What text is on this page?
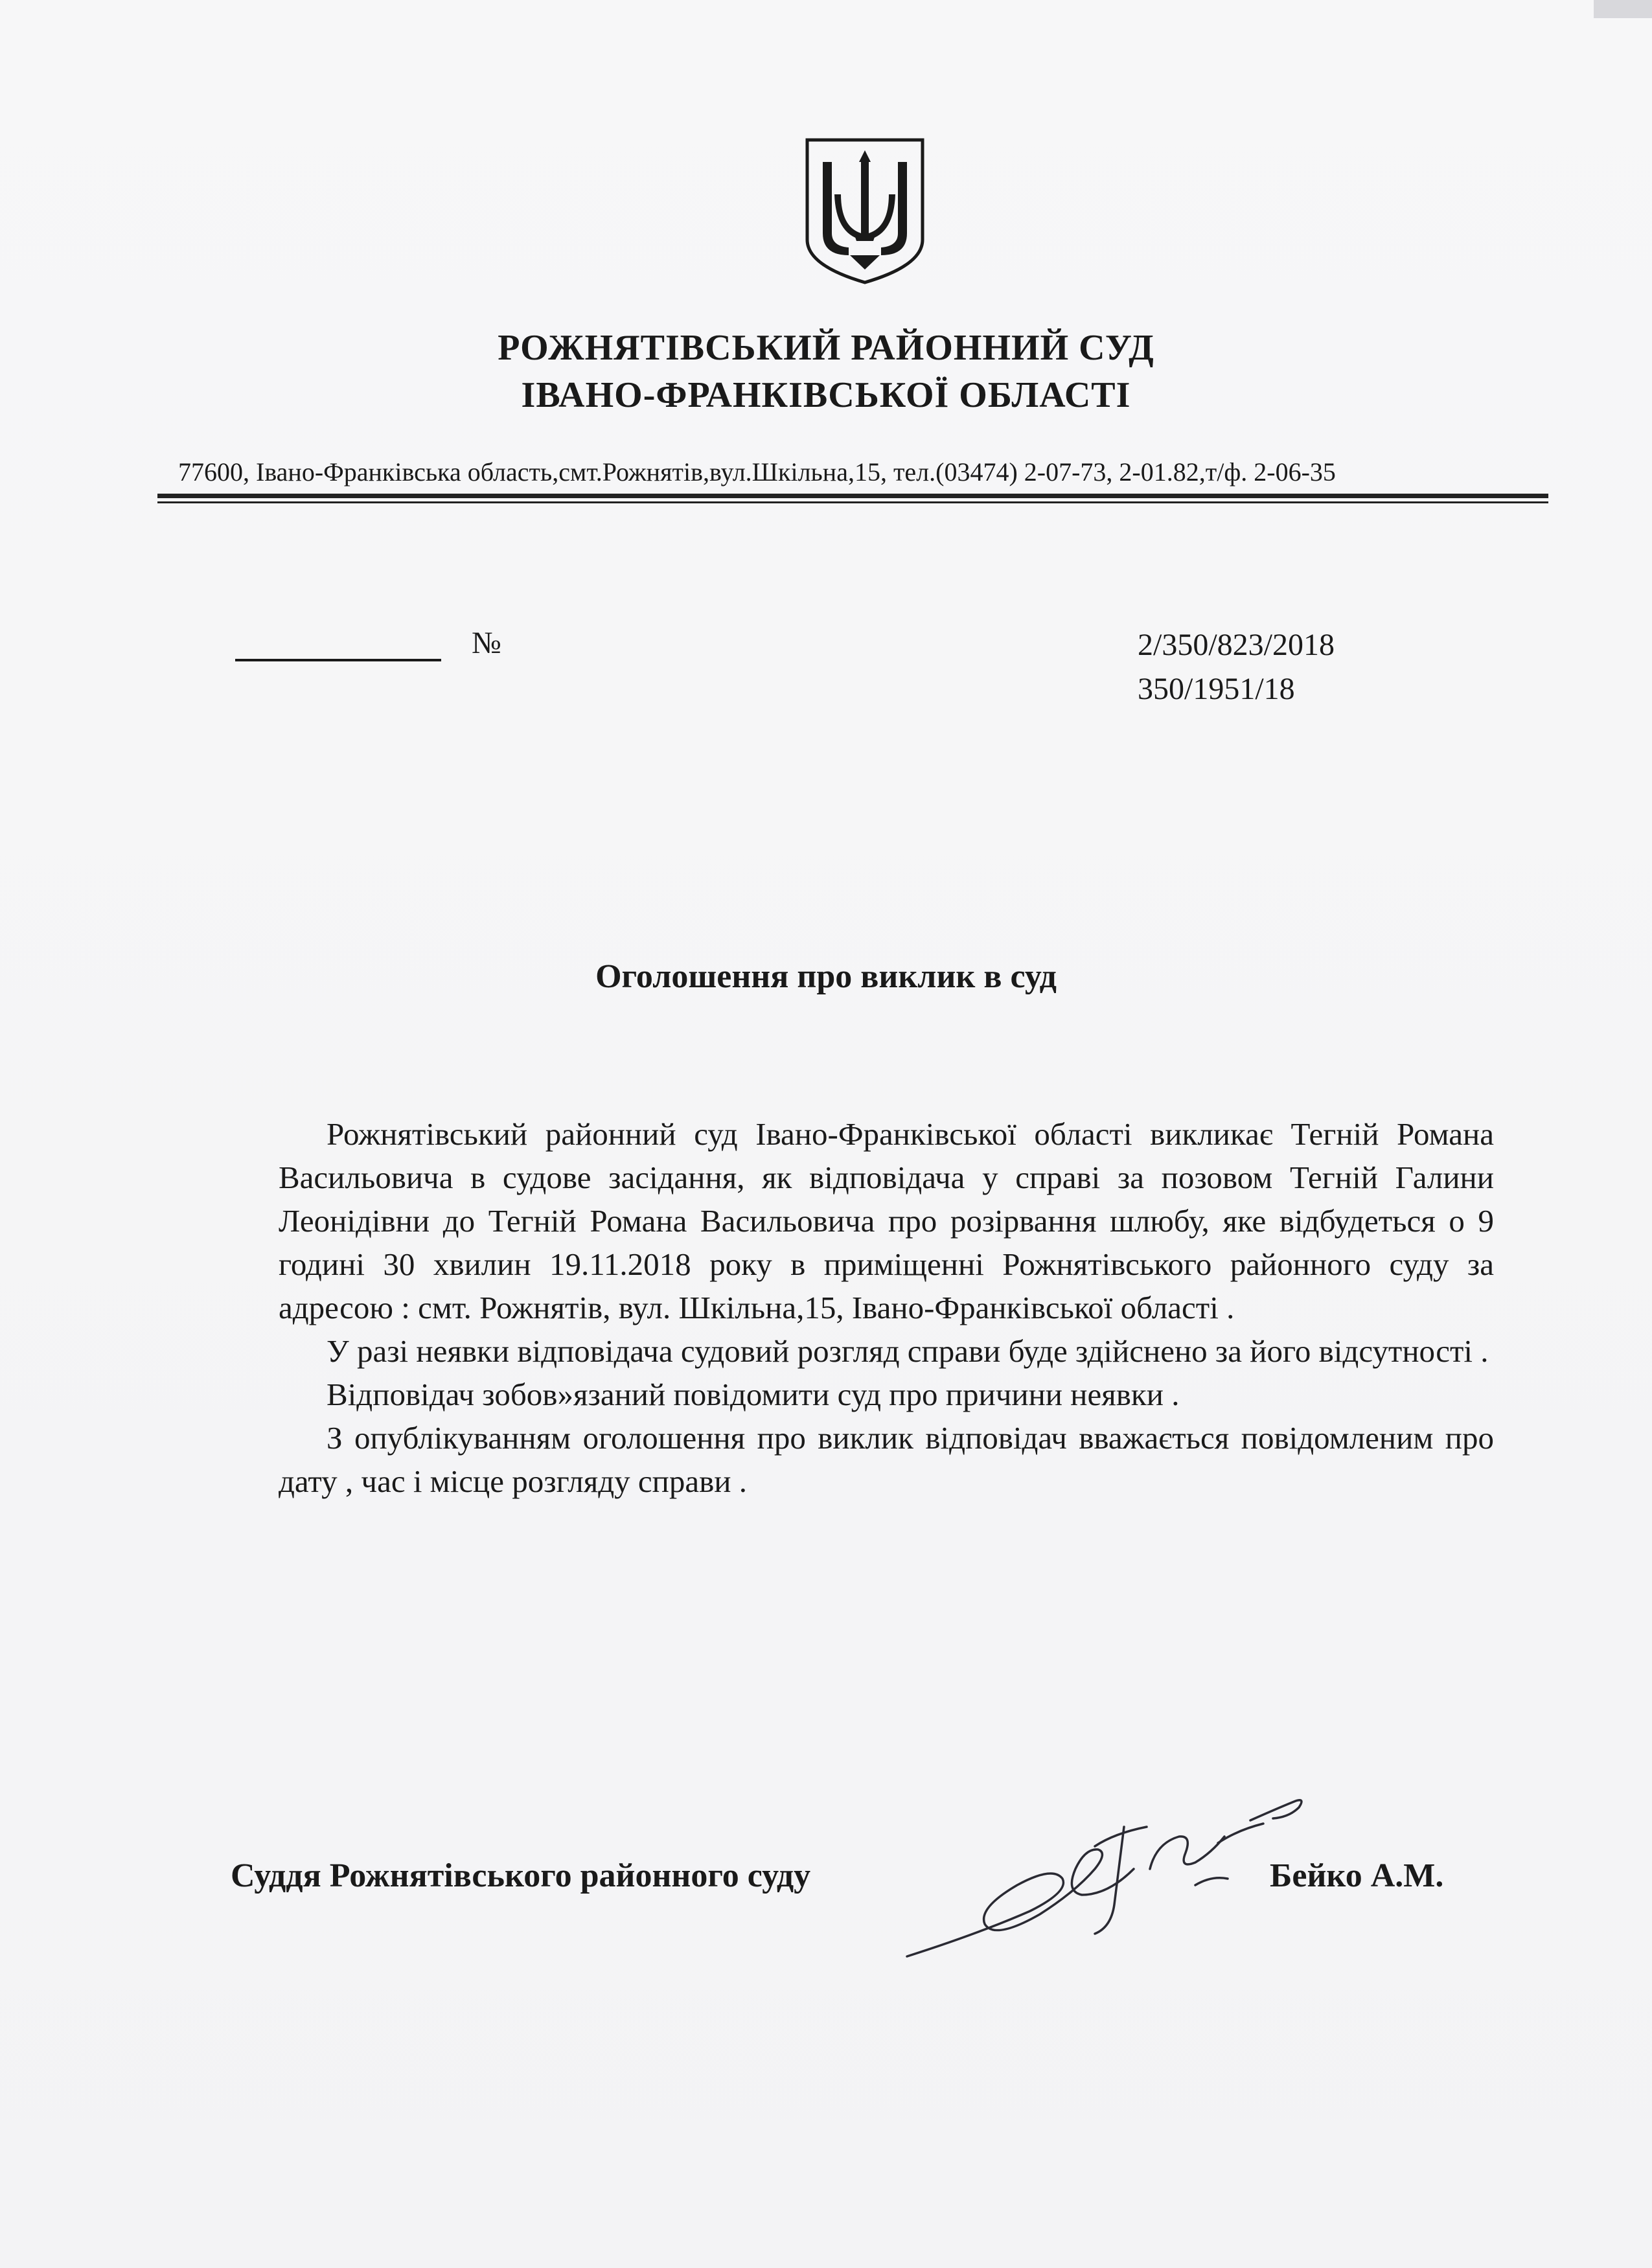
РОЖНЯТІВСЬКИЙ РАЙОННИЙ СУД
ІВАНО-ФРАНКІВСЬКОЇ ОБЛАСТІ
77600, Івано-Франківська область,смт.Рожнятів,вул.Шкільна,15, тел.(03474) 2-07-73, 2-01.82,т/ф. 2-06-35
№	2/350/823/2018
350/1951/18
Оголошення про виклик в суд

Рожнятівський районний суд Івано-Франківської області викликає Тегній Романа Васильовича в судове засідання, як відповідача у справі за позовом Тегній Галини Леонідівни до Тегній Романа Васильовича про розірвання шлюбу, яке відбудеться о 9 годині 30 хвилин 19.11.2018 року в приміщенні Рожнятівського районного суду за адресою : смт. Рожнятів, вул. Шкільна,15, Івано-Франківської області .

У разі неявки відповідача судовий розгляд справи буде здійснено за його відсутності .

Відповідач зобов»язаний повідомити суд про причини неявки .

З опублікуванням оголошення про виклик відповідач вважається повідомленим про дату , час і місце розгляду справи .

Суддя Рожнятівського районного суду	Бейко А.М.
